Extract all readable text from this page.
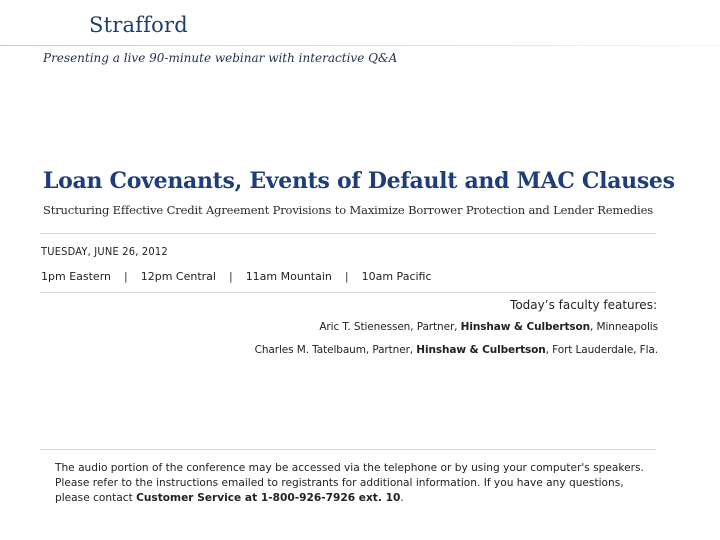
Strafford
Presenting a live 90-minute webinar with interactive Q&A
Loan Covenants, Events of Default and MAC Clauses
Structuring Effective Credit Agreement Provisions to Maximize Borrower Protection and Lender Remedies
TUESDAY, JUNE 26, 2012
1pm Eastern | 12pm Central | 11am Mountain | 10am Pacific
Today’s faculty features:
Aric T. Stienessen, Partner, Hinshaw & Culbertson, Minneapolis
Charles M. Tatelbaum, Partner, Hinshaw & Culbertson, Fort Lauderdale, Fla.
The audio portion of the conference may be accessed via the telephone or by using your computer's speakers. Please refer to the instructions emailed to registrants for additional information. If you have any questions, please contact Customer Service at 1-800-926-7926 ext. 10.
